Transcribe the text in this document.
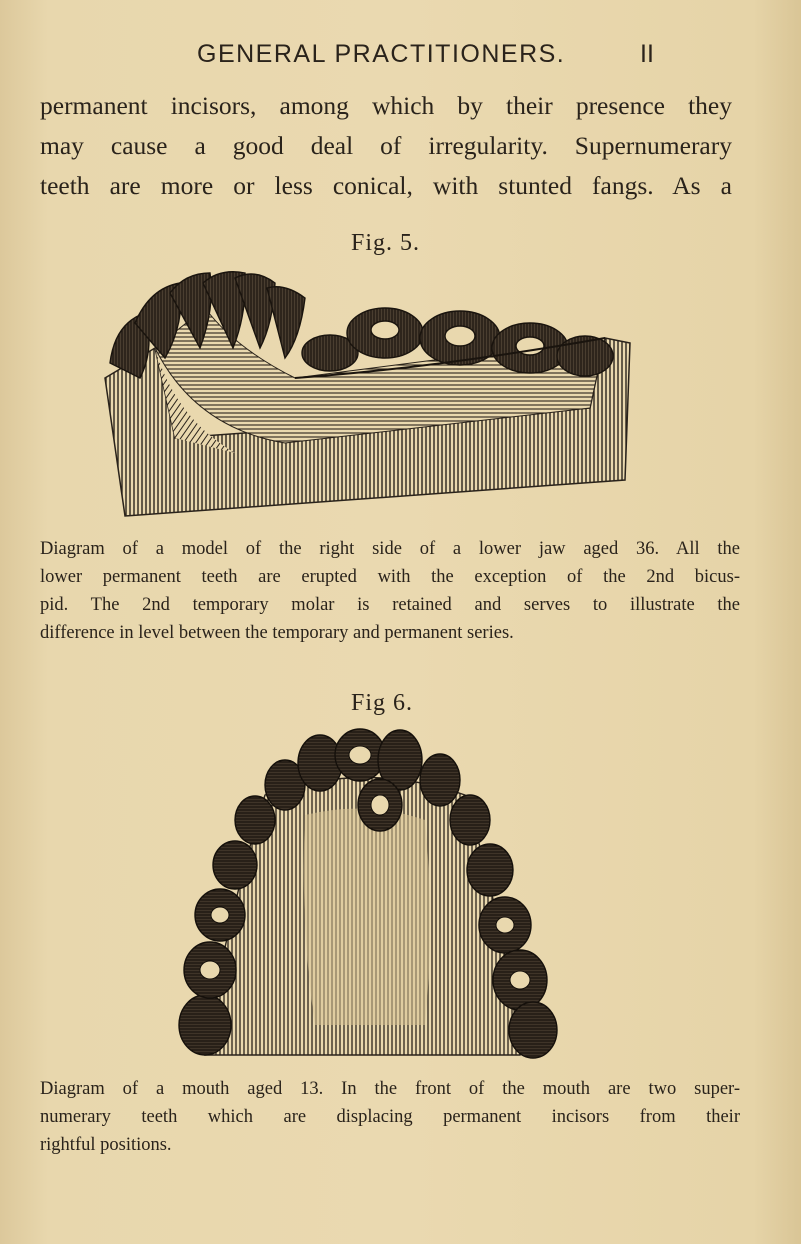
GENERAL PRACTITIONERS.	II
permanent incisors, among which by their presence they
may cause a good deal of irregularity. Supernumerary
teeth are more or less conical, with stunted fangs. As a
Fig. 5.
Diagram of a model of the right side of a lower jaw aged 36. All the
lower permanent teeth are erupted with the exception of the 2nd bicus-
pid. The 2nd temporary molar is retained and serves to illustrate the
difference in level between the temporary and permanent series.
Fig 6.
Diagram of a mouth aged 13. In the front of the mouth are two super-
numerary teeth which are displacing permanent incisors from their
rightful positions.
